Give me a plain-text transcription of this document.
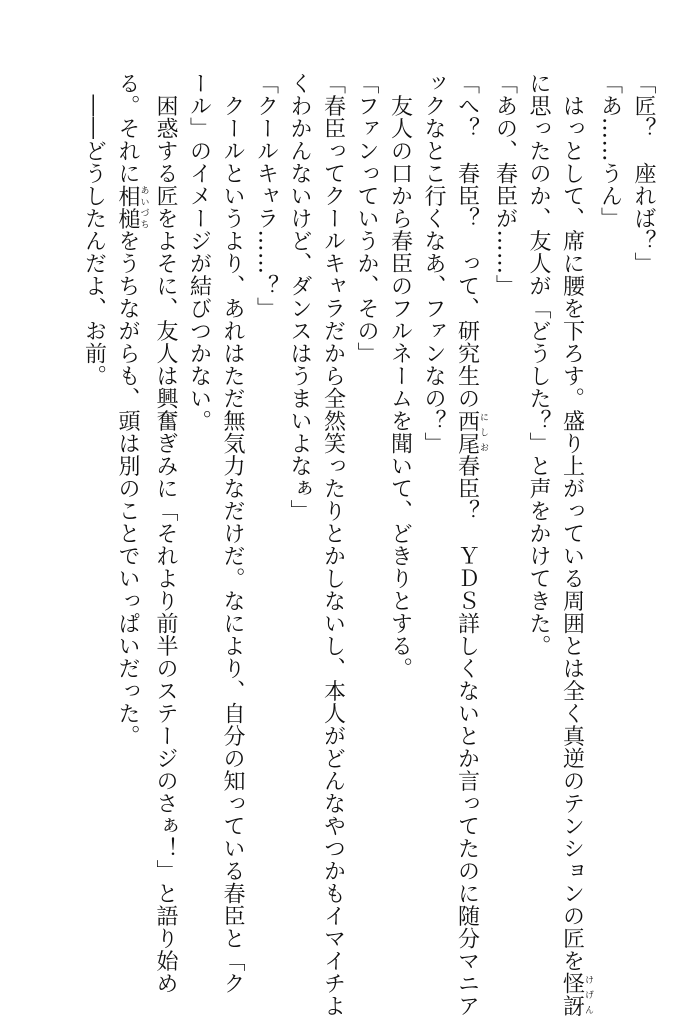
「匠？　座れば？」

「あ……うん」

　はっとして、席に腰を下ろす。盛り上がっている周囲とは全く真逆のテンションの匠を怪訝けげん

に思ったのか、友人が「どうした？」と声をかけてきた。

「あの、春臣が……」

「へ？　春臣？　って、研究生の西尾にしお春臣？　ＹＤＳ詳しくないとか言ってたのに随分マニア

ックなとこ行くなあ、ファンなの？」

　友人の口から春臣のフルネームを聞いて、どきりとする。

「ファンっていうか、その」

「春臣ってクールキャラだから全然笑ったりとかしないし、本人がどんなやつかもイマイチよ

くわかんないけど、ダンスはうまいよなぁ」

「クールキャラ……？」

　クールというより、あれはただ無気力なだけだ。なにより、自分の知っている春臣と「ク

ール」のイメージが結びつかない。

　困惑する匠をよそに、友人は興奮ぎみに「それより前半のステージのさぁ！」と語り始め

る。それに相槌あいづちをうちながらも、頭は別のことでいっぱいだった。

　――どうしたんだよ、お前。
